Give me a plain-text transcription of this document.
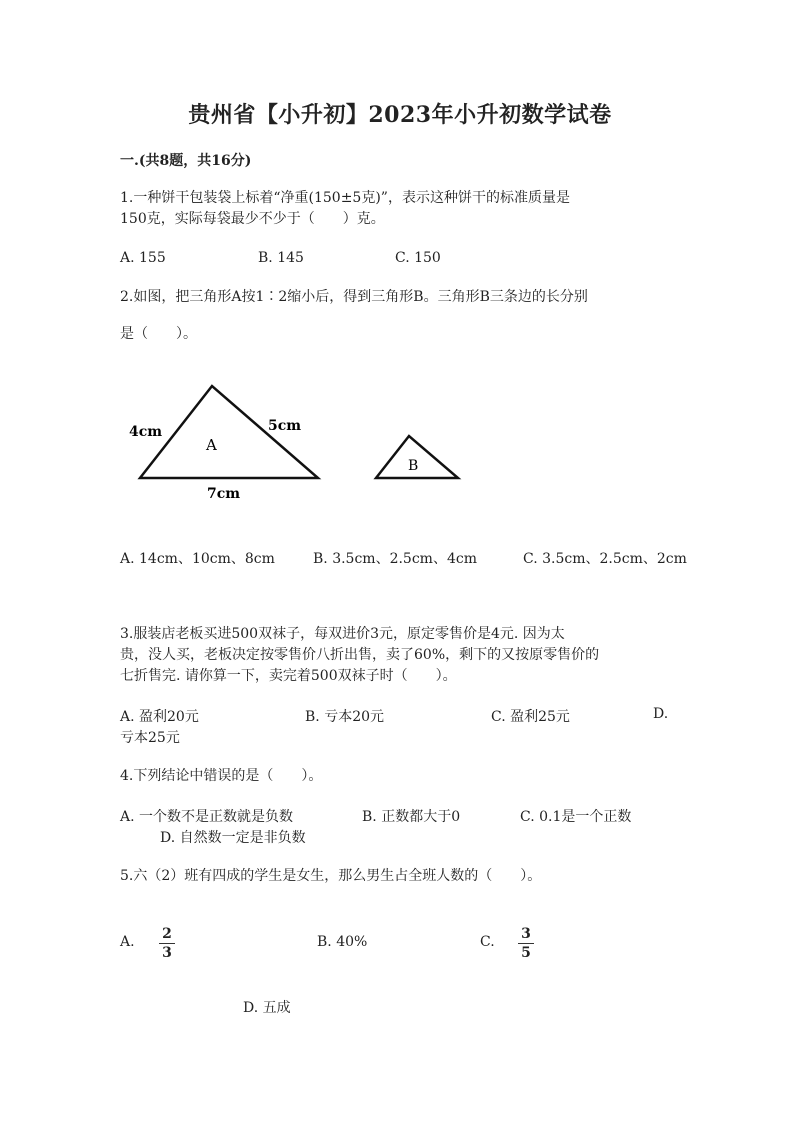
贵州省【小升初】2023年小升初数学试卷
一.(共8题，共16分)
1.一种饼干包装袋上标着“净重(150±5克)”，表示这种饼干的标准质量是
150克，实际每袋最少不少于（　　）克。
A. 155	B. 145	C. 150
2.如图，把三角形A按1∶2缩小后，得到三角形B。三角形B三条边的长分别
是（　　）。
A
B
4cm	5cm
7cm
A. 14cm、10cm、8cm	B. 3.5cm、2.5cm、4cm	C. 3.5cm、2.5cm、2cm
3.服装店老板买进500双袜子，每双进价3元，原定零售价是4元. 因为太
贵，没人买，老板决定按零售价八折出售，卖了60%，剩下的又按原零售价的
七折售完. 请你算一下，卖完着500双袜子时（　　）。
A. 盈利20元	B. 亏本20元	C. 盈利25元	D.
亏本25元
4.下列结论中错误的是（　　）。
A. 一个数不是正数就是负数	B. 正数都大于0	C. 0.1是一个正数
D. 自然数一定是非负数
5.六（2）班有四成的学生是女生，那么男生占全班人数的（　　）。
A.	2
3
B. 40%	C.	3
5
D. 五成
